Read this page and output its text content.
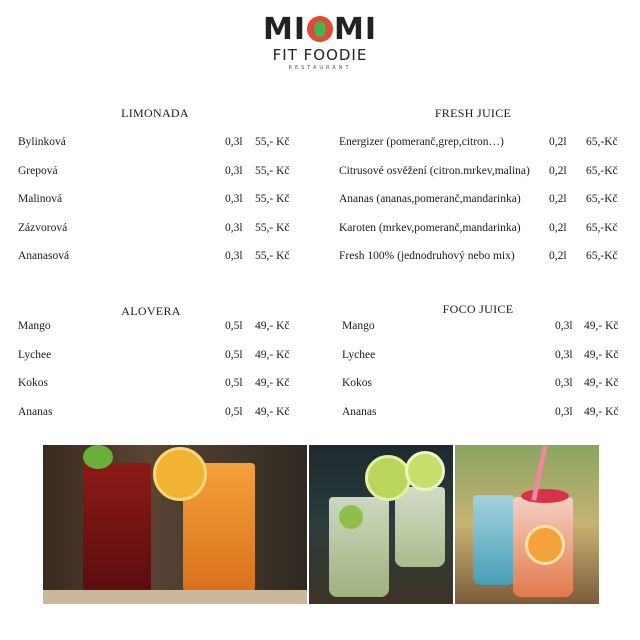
MI MI
FIT FOODIE
RESTAURANT
LIMONADA
Bylinková	0,3l 55,- Kč
Grepová	0,3l 55,- Kč
Malinová	0,3l 55,- Kč
Zázvorová	0,3l 55,- Kč
Ananasová	0,3l 55,- Kč
FRESH JUICE
Energizer (pomeranč,grep,citron…)	0,2l 65,-Kč
Citrusové osvěžení (citron.mrkev,malina) 0,2l 65,-Kč
Ananas (ananas,pomeranč,mandarinka) 0,2l 65,-Kč
Karoten (mrkev,pomeranč,mandarinka) 0,2l 65,-Kč
Fresh 100% (jednodruhový nebo mix)	0,2l 65,-Kč
ALOVERA
Mango	0,5l 49,- Kč
Lychee	0,5l 49,- Kč
Kokos	0,5l 49,- Kč
Ananas	0,5l 49,- Kč
FOCO JUICE
Mango	0,3l 49,- Kč
Lychee	0,3l 49,- Kč
Kokos	0,3l 49,- Kč
Ananas	0,3l 49,- Kč
